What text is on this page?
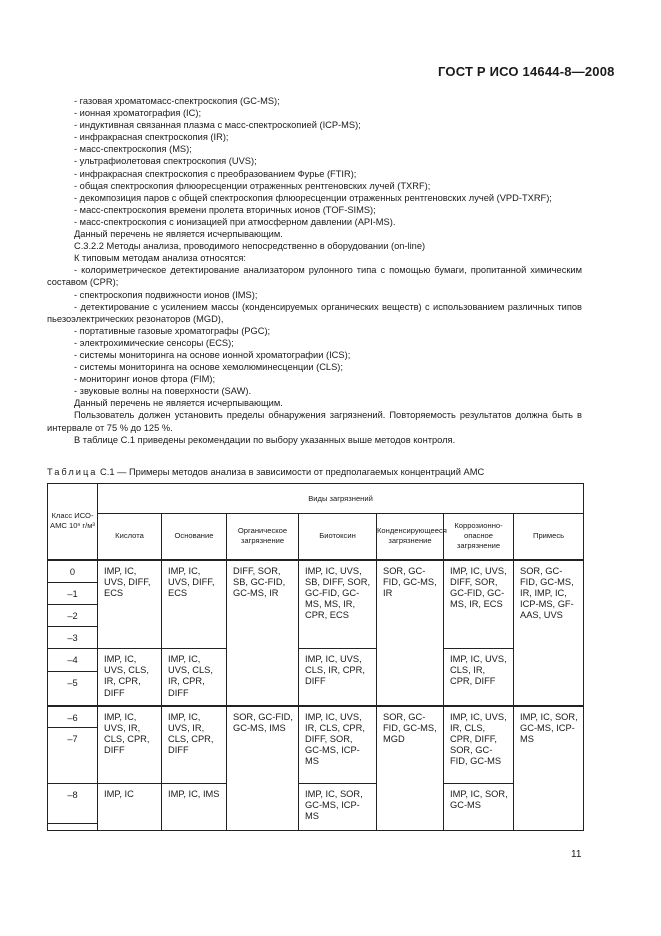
ГОСТ Р ИСО 14644-8—2008

- газовая хроматомасс-спектроскопия (GC-MS);

- ионная хроматография (IC);

- индуктивная связанная плазма с масс-спектроскопией (ICP-MS);

- инфракрасная спектроскопия (IR);

- масс-спектроскопия (MS);

- ультрафиолетовая спектроскопия (UVS);

- инфракрасная спектроскопия с преобразованием Фурье (FTIR);

- общая спектроскопия флюоресценции отраженных рентгеновских лучей (TXRF);

- декомпозиция паров с общей спектроскопия флюоресценции отраженных рентгеновских лучей (VPD-TXRF);

- масс-спектроскопия времени пролета вторичных ионов (TOF-SIMS);

- масс-спектроскопия с ионизацией при атмосферном давлении (API-MS).

Данный перечень не является исчерпывающим.

С.3.2.2 Методы анализа, проводимого непосредственно в оборудовании (on-line)

К типовым методам анализа относятся:

- колориметрическое детектирование анализатором рулонного типа с помощью бумаги, пропитанной химическим составом (CPR);

- спектроскопия подвижности ионов (IMS);

- детектирование с усилением массы (конденсируемых органических веществ) с использованием различных типов пьезоэлектрических резонаторов (MGD),

- портативные газовые хроматографы (PGC);

- электрохимические сенсоры (ECS);

- системы мониторинга на основе ионной хроматографии (ICS);

- системы мониторинга на основе хемолюминесценции (CLS);

- мониторинг ионов фтора (FIM);

- звуковые волны на поверхности (SAW).

Данный перечень не является исчерпывающим.

Пользователь должен установить пределы обнаружения загрязнений. Повторяемость результатов должна быть в интервале от 75 % до 125 %.

В таблице С.1 приведены рекомендации по выбору указанных выше методов контроля.

Таблица С.1 — Примеры методов анализа в зависимости от предполагаемых концентраций АМС
Класс ИСО-АМС 10ⁿ г/м³	Виды загрязнений						
	Кислота	Основание	Органическое загрязнение	Биотоксин	Конденсирующееся загрязнение	Коррозионно-опасное загрязнение	Примесь
0	IMP, IC, UVS, DIFF, ECS	IMP, IC, UVS, DIFF, ECS	DIFF, SOR, SB, GC-FID, GC-MS, IR	IMP, IC, UVS, SB, DIFF, SOR, GC-FID, GC-MS, MS, IR, CPR, ECS	SOR, GC-FID, GC-MS, IR	IMP, IC, UVS, DIFF, SOR, GC-FID, GC-MS, IR, ECS	SOR, GC-FID, GC-MS, IR, IMP, IC, ICP-MS, GF-AAS, UVS
–1							
–2							
–3							
–4	IMP, IC, UVS, CLS, IR, CPR, DIFF	IMP, IC, UVS, CLS, IR, CPR, DIFF		IMP, IC, UVS, CLS, IR, CPR, DIFF		IMP, IC, UVS, CLS, IR, CPR, DIFF	
–5							
–6	IMP, IC, UVS, IR, CLS, CPR, DIFF	IMP, IC, UVS, IR, CLS, CPR, DIFF	SOR, GC-FID, GC-MS, IMS	IMP, IC, UVS, IR, CLS, CPR, DIFF, SOR, GC-MS, ICP-MS	SOR, GC-FID, GC-MS, MGD	IMP, IC, UVS, IR, CLS, CPR, DIFF, SOR, GC-FID, GC-MS	IMP, IC, SOR, GC-MS, ICP-MS
–7							
–8	IMP, IC	IMP, IC, IMS		IMP, IC, SOR, GC-MS, ICP-MS		IMP, IC, SOR, GC-MS	

11
